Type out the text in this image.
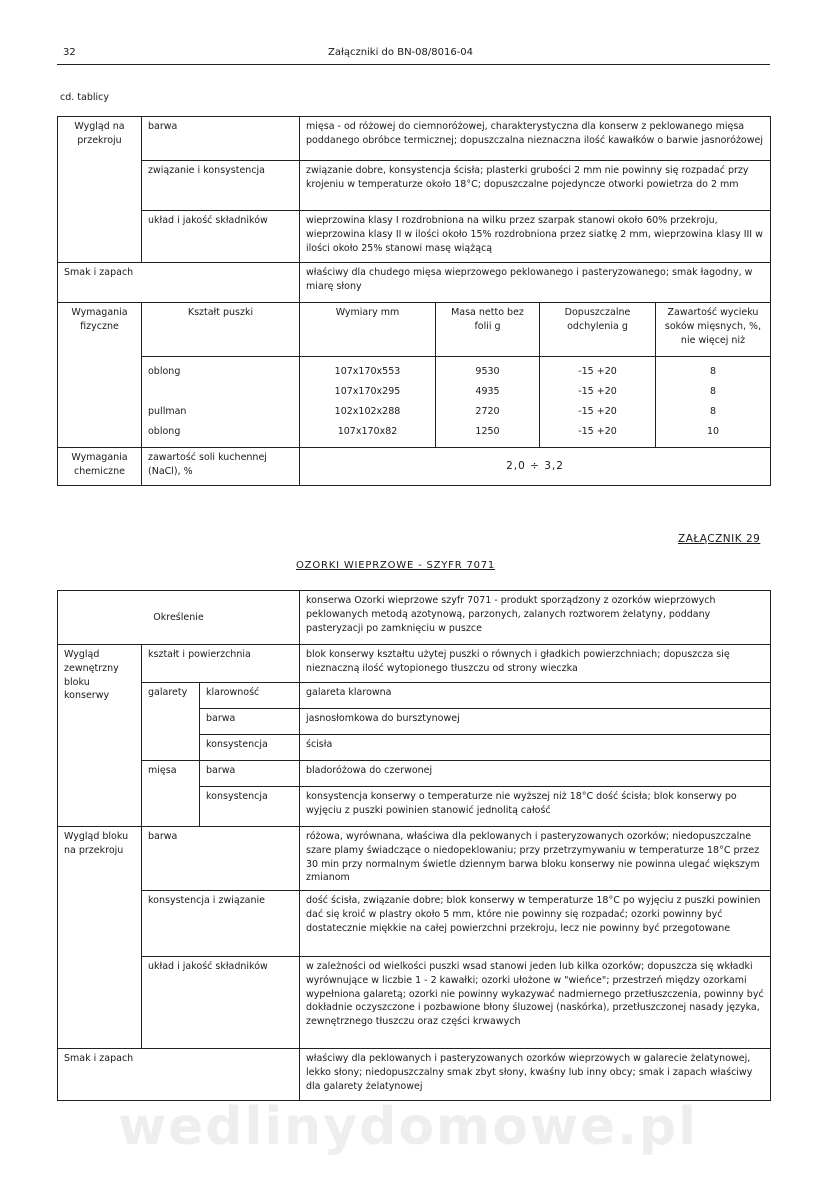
32	Załączniki do BN-08/8016-04
cd. tablicy
Wygląd na przekroju	barwa	mięsa - od różowej do ciemnoróżowej, charakterystyczna dla konserw z peklowanego mięsa poddanego obróbce termicznej; dopuszczalna nieznaczna ilość kawałków o barwie jasnoróżowej			
	związanie i konsystencja	związanie dobre, konsystencja ścisła; plasterki grubości 2 mm nie powinny się rozpadać przy krojeniu w temperaturze około 18°C; dopuszczalne pojedyncze otworki powietrza do 2 mm			
	układ i jakość składników	wieprzowina klasy I rozdrobniona na wilku przez szarpak stanowi około 60% przekroju, wieprzowina klasy II w ilości około 15% rozdrobniona przez siatkę 2 mm, wieprzowina klasy III w ilości około 25% stanowi masę wiążącą			
Smak i zapach		właściwy dla chudego mięsa wieprzowego peklowanego i pasteryzowanego; smak łagodny, w miarę słony			
Wymagania fizyczne	Kształt puszki	Wymiary mm	Masa netto bez folii g	Dopuszczalne odchylenia g	Zawartość wycieku soków mięsnych, %, nie więcej niż
	oblong	107x170x553	9530	-15 +20	8
		107x170x295	4935	-15 +20	8
	pullman	102x102x288	2720	-15 +20	8
	oblong	107x170x82	1250	-15 +20	10
Wymagania chemiczne	zawartość soli kuchennej (NaCl), %	2,0 ÷ 3,2			
ZAŁĄCZNIK 29
OZORKI WIEPRZOWE - SZYFR 7071
Określenie			konserwa Ozorki wieprzowe szyfr 7071 - produkt sporządzony z ozorków wieprzowych peklowanych metodą azotynową, parzonych, zalanych roztworem żelatyny, poddany pasteryzacji po zamknięciu w puszce
Wygląd zewnętrzny bloku konserwy	kształt i powierzchnia		blok konserwy kształtu użytej puszki o równych i gładkich powierzchniach; dopuszcza się nieznaczną ilość wytopionego tłuszczu od strony wieczka
	galarety	klarowność	galareta klarowna
		barwa	jasnosłomkowa do bursztynowej
		konsystencja	ścisła
	mięsa	barwa	bladoróżowa do czerwonej
		konsystencja	konsystencja konserwy o temperaturze nie wyższej niż 18°C dość ścisła; blok konserwy po wyjęciu z puszki powinien stanowić jednolitą całość
Wygląd bloku na przekroju	barwa		różowa, wyrównana, właściwa dla peklowanych i pasteryzowanych ozorków; niedopuszczalne szare plamy świadczące o niedopeklowaniu; przy przetrzymywaniu w temperaturze 18°C przez 30 min przy normalnym świetle dziennym barwa bloku konserwy nie powinna ulegać większym zmianom
	konsystencja i związanie		dość ścisła, związanie dobre; blok konserwy w temperaturze 18°C po wyjęciu z puszki powinien dać się kroić w plastry około 5 mm, które nie powinny się rozpadać; ozorki powinny być dostatecznie miękkie na całej powierzchni przekroju, lecz nie powinny być przegotowane
	układ i jakość składników		w zależności od wielkości puszki wsad stanowi jeden lub kilka ozorków; dopuszcza się wkładki wyrównujące w liczbie 1 - 2 kawałki; ozorki ułożone w "wieńce"; przestrzeń między ozorkami wypełniona galaretą; ozorki nie powinny wykazywać nadmiernego przetłuszczenia, powinny być dokładnie oczyszczone i pozbawione błony śluzowej (naskórka), przetłuszczonej nasady języka, zewnętrznego tłuszczu oraz części krwawych
Smak i zapach			właściwy dla peklowanych i pasteryzowanych ozorków wieprzowych w galarecie żelatynowej, lekko słony; niedopuszczalny smak zbyt słony, kwaśny lub inny obcy; smak i zapach właściwy dla galarety żelatynowej
wedlinydomowe.pl
